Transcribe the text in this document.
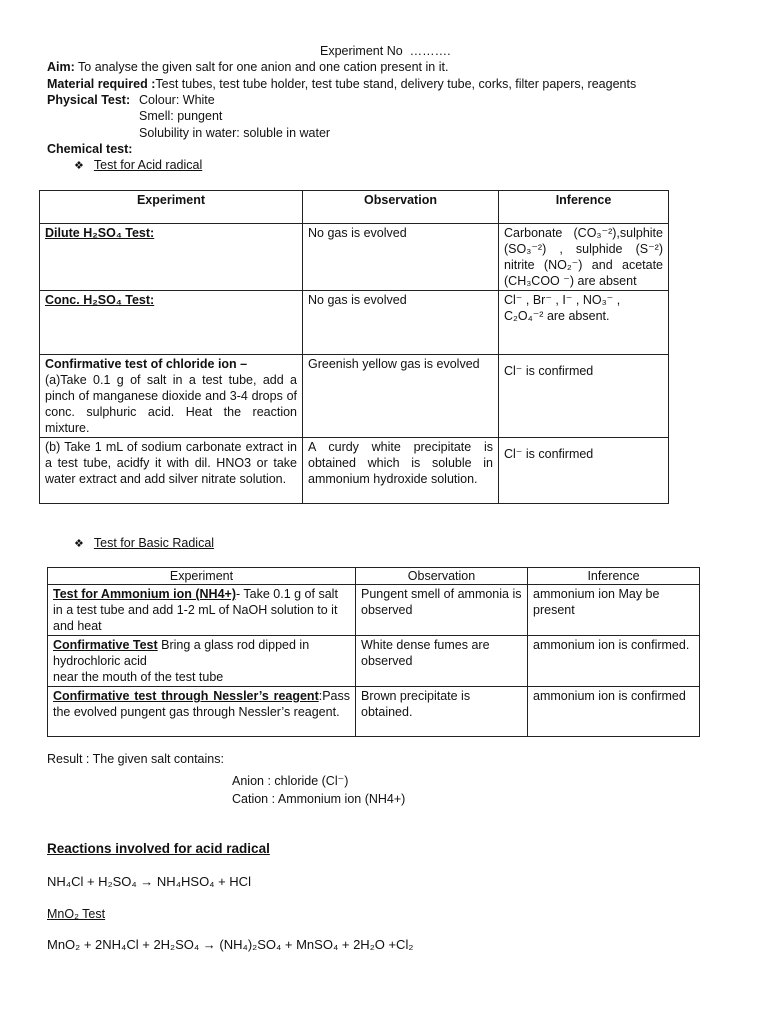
Experiment No ……….
Aim: To analyse the given salt for one anion and one cation present in it.
Material required :Test tubes, test tube holder, test tube stand, delivery tube, corks, filter papers, reagents
Physical Test: Colour: White
Smell: pungent
Solubility in water: soluble in water
Chemical test:
❖ Test for Acid radical
Experiment	Observation	Inference
Dilute H₂SO₄ Test:	No gas is evolved	Carbonate (CO₃⁻²),sulphite (SO₃⁻²) , sulphide (S⁻²) nitrite (NO₂⁻) and acetate (CH₃COO ⁻) are absent
Conc. H₂SO₄ Test:	No gas is evolved	Cl⁻ , Br⁻ , I⁻ , NO₃⁻ , C₂O₄⁻² are absent.
Confirmative test of chloride ion –
(a)Take 0.1 g of salt in a test tube, add a pinch of manganese dioxide and 3-4 drops of conc. sulphuric acid. Heat the reaction mixture.	Greenish yellow gas is evolved	Cl⁻ is confirmed
(b) Take 1 mL of sodium carbonate extract in a test tube, acidfy it with dil. HNO3 or take water extract and add silver nitrate solution.	A curdy white precipitate is obtained which is soluble in ammonium hydroxide solution.	Cl⁻ is confirmed
❖ Test for Basic Radical
Experiment	Observation	Inference
Test for Ammonium ion (NH4+)- Take 0.1 g of salt in a test tube and add 1-2 mL of NaOH solution to it and heat	Pungent smell of ammonia is observed	ammonium ion May be present
Confirmative Test Bring a glass rod dipped in hydrochloric acid
near the mouth of the test tube	White dense fumes are observed	ammonium ion is confirmed.
Confirmative test through Nessler’s reagent:Pass the evolved pungent gas through Nessler’s reagent.	Brown precipitate is obtained.	ammonium ion is confirmed
Result : The given salt contains:
Anion : chloride (Cl⁻)
Cation : Ammonium ion (NH4+)
Reactions involved for acid radical
NH₄Cl + H₂SO₄ → NH₄HSO₄ + HCl
MnO₂ Test
MnO₂ + 2NH₄Cl + 2H₂SO₄ → (NH₄)₂SO₄ + MnSO₄ + 2H₂O +Cl₂
